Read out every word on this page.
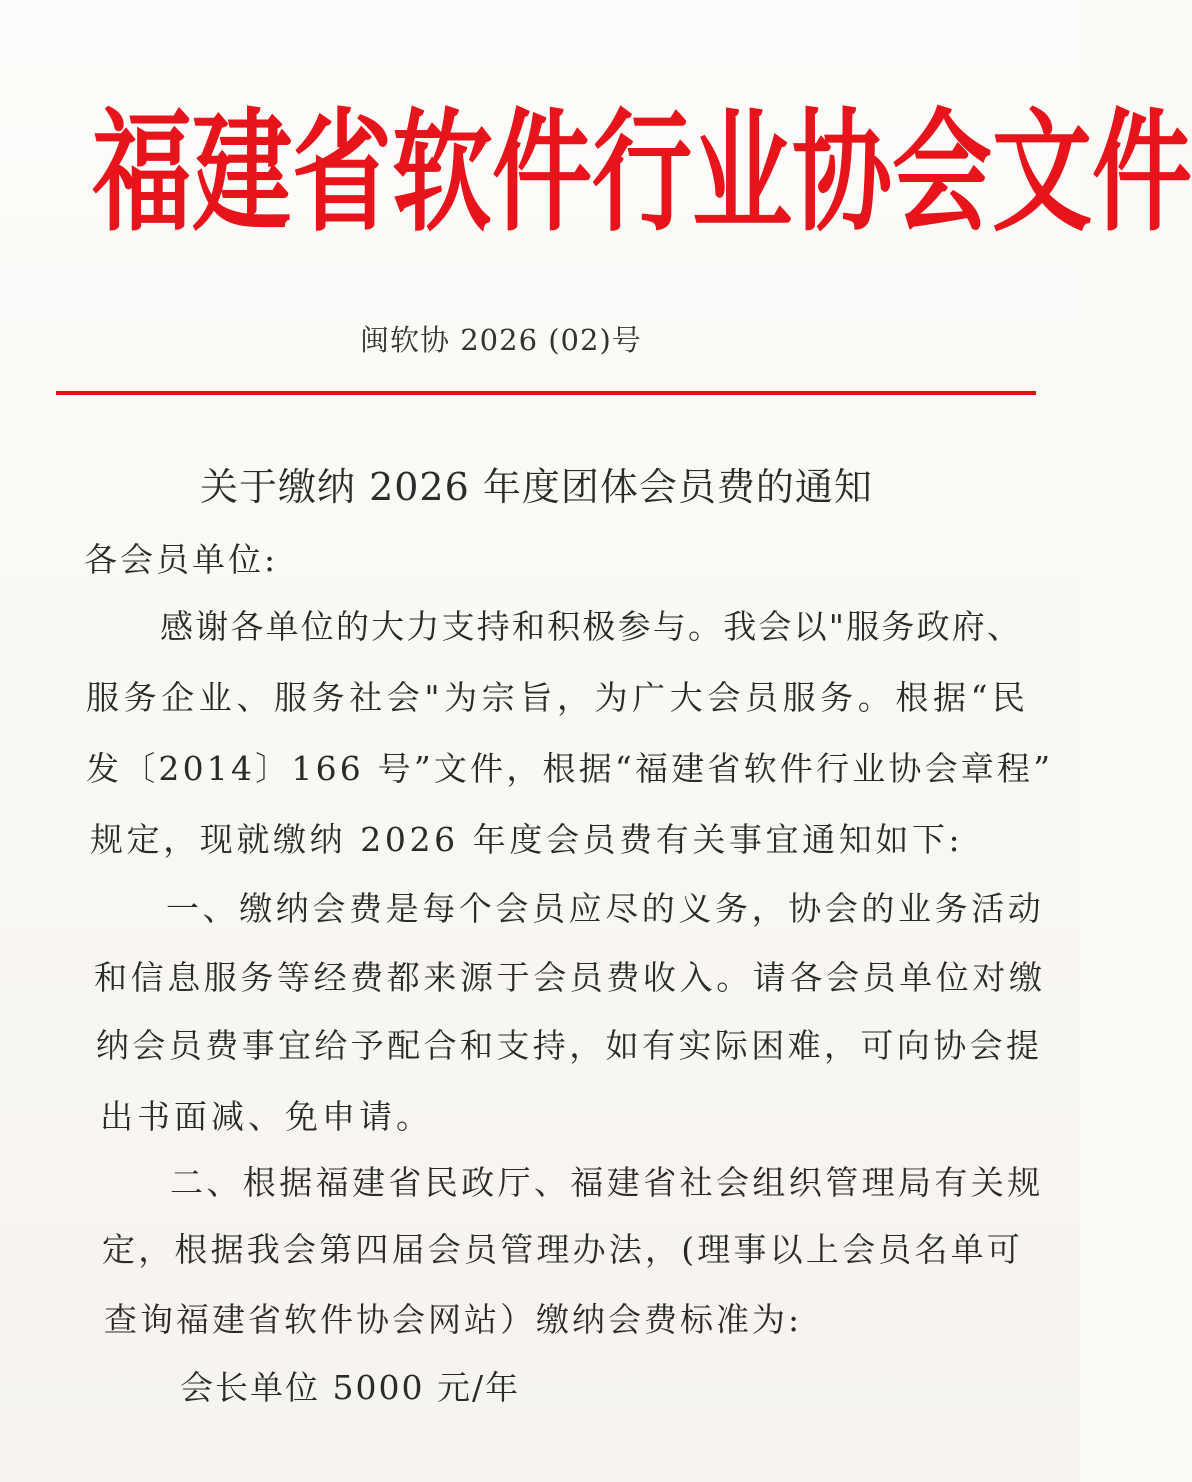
福 建 省 软 件 行 业 协 会 文 件
闽软协 2026 (02)号
关于缴纳 2026 年度团体会员费的通知
各会员单位:
感谢各单位的大力支持和积极参与。我会以"服务政府、
服务企业、服务社会"为宗旨，为广大会员服务。根据“民
发〔2014〕166 号”文件，根据“福建省软件行业协会章程”
规定，现就缴纳 2026 年度会员费有关事宜通知如下:
一、缴纳会费是每个会员应尽的义务，协会的业务活动
和信息服务等经费都来源于会员费收入。请各会员单位对缴
纳会员费事宜给予配合和支持，如有实际困难，可向协会提
出书面减、免申请。
二、根据福建省民政厅、福建省社会组织管理局有关规
定，根据我会第四届会员管理办法，(理事以上会员名单可
查询福建省软件协会网站）缴纳会费标准为:
会长单位 5000 元/年
